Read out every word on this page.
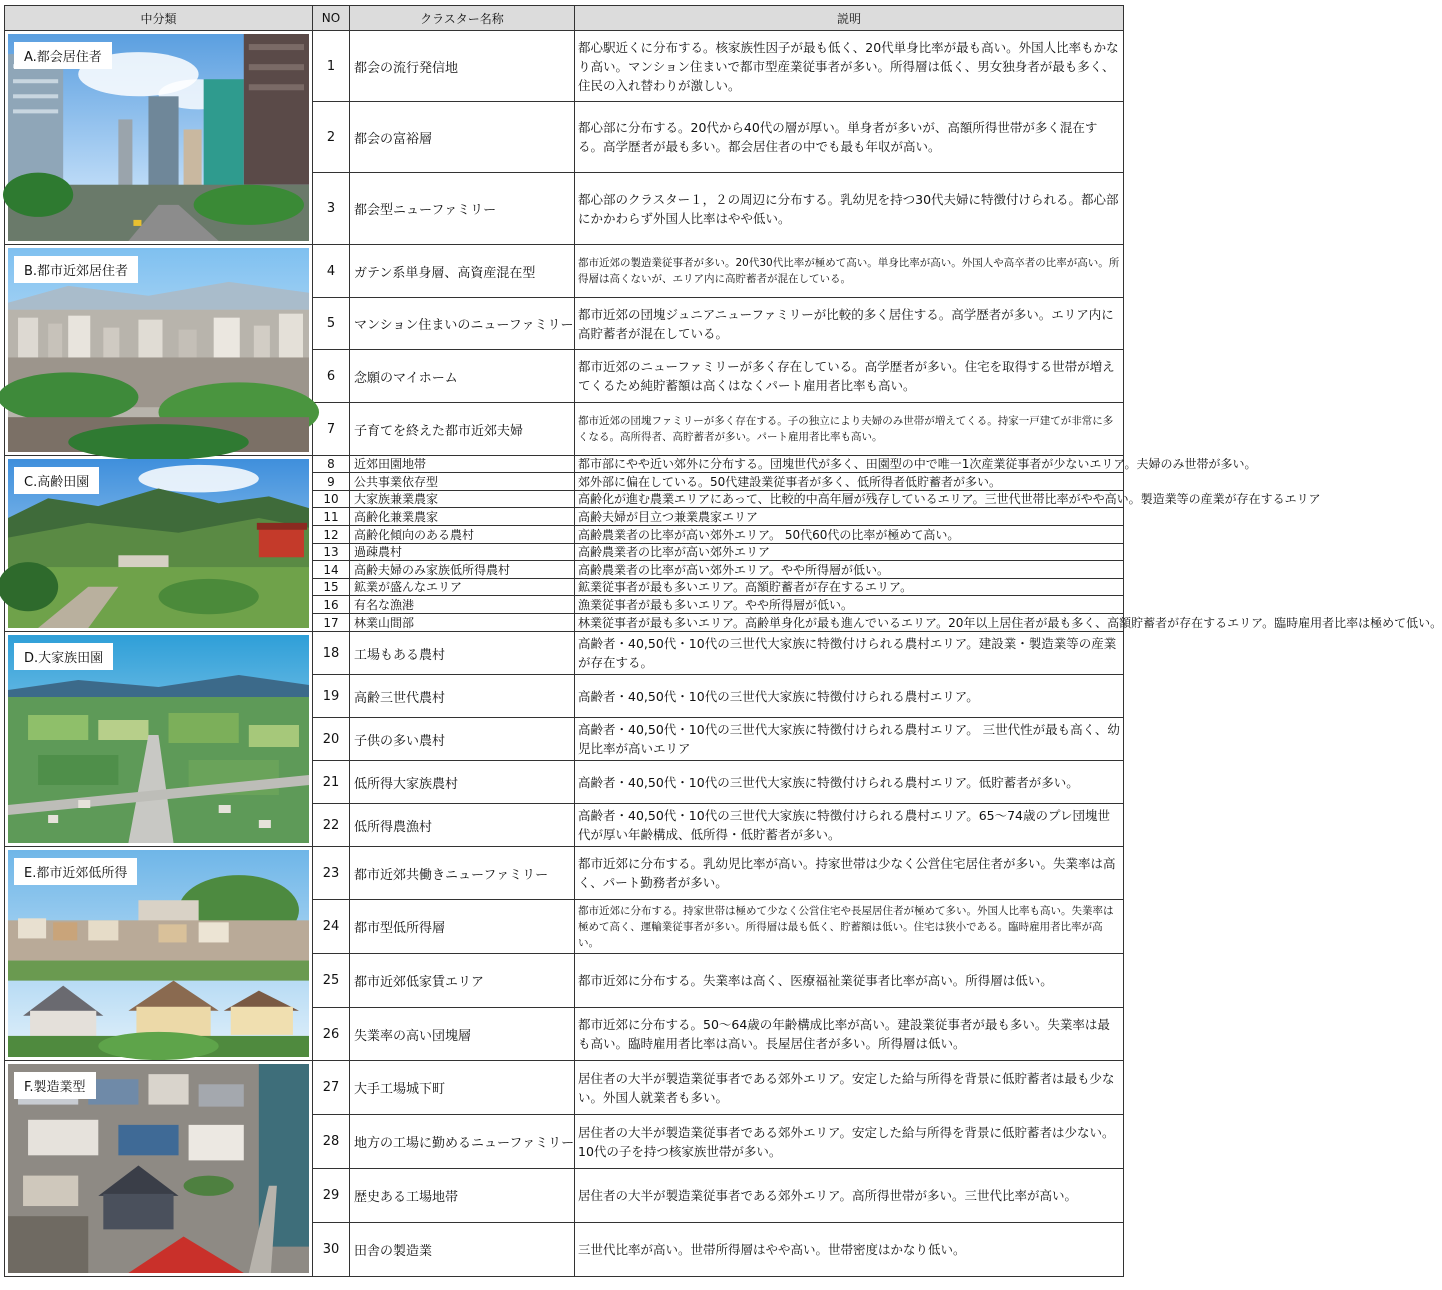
中分類	NO	クラスター名称	説明

A.都会居住者	1	都会の流行発信地	都心駅近くに分布する。核家族性因子が最も低く、20代単身比率が最も高い。外国人比率もかなり高い。マンション住まいで都市型産業従事者が多い。所得層は低く、男女独身者が最も多く、住民の入れ替わりが激しい。
	2	都会の富裕層	都心部に分布する。20代から40代の層が厚い。単身者が多いが、高額所得世帯が多く混在する。高学歴者が最も多い。都会居住者の中でも最も年収が高い。
	3	都会型ニューファミリー	都心部のクラスター１，２の周辺に分布する。乳幼児を持つ30代夫婦に特徴付けられる。都心部にかかわらず外国人比率はやや低い。

B.都市近郊居住者	4	ガテン系単身層、高資産混在型	都市近郊の製造業従事者が多い。20代30代比率が極めて高い。単身比率が高い。外国人や高卒者の比率が高い。所得層は高くないが、エリア内に高貯蓄者が混在している。
	5	マンション住まいのニューファミリー	都市近郊の団塊ジュニアニューファミリーが比較的多く居住する。高学歴者が多い。エリア内に高貯蓄者が混在している。
	6	念願のマイホーム	都市近郊のニューファミリーが多く存在している。高学歴者が多い。住宅を取得する世帯が増えてくるため純貯蓄額は高くはなくパート雇用者比率も高い。
	7	子育てを終えた都市近郊夫婦	都市近郊の団塊ファミリーが多く存在する。子の独立により夫婦のみ世帯が増えてくる。持家一戸建てが非常に多くなる。高所得者、高貯蓄者が多い。パート雇用者比率も高い。

C.高齢田園	8	近郊田園地帯	都市部にやや近い郊外に分布する。団塊世代が多く、田園型の中で唯一1次産業従事者が少ないエリア。夫婦のみ世帯が多い。
	9	公共事業依存型	郊外部に偏在している。50代建設業従事者が多く、低所得者低貯蓄者が多い。
	10	大家族兼業農家	高齢化が進む農業エリアにあって、比較的中高年層が残存しているエリア。三世代世帯比率がやや高い。製造業等の産業が存在するエリア
	11	高齢化兼業農家	高齢夫婦が目立つ兼業農家エリア
	12	高齢化傾向のある農村	高齢農業者の比率が高い郊外エリア。 50代60代の比率が極めて高い。
	13	過疎農村	高齢農業者の比率が高い郊外エリア
	14	高齢夫婦のみ家族低所得農村	高齢農業者の比率が高い郊外エリア。やや所得層が低い。
	15	鉱業が盛んなエリア	鉱業従事者が最も多いエリア。高額貯蓄者が存在するエリア。
	16	有名な漁港	漁業従事者が最も多いエリア。やや所得層が低い。
	17	林業山間部	林業従事者が最も多いエリア。高齢単身化が最も進んでいるエリア。20年以上居住者が最も多く、高額貯蓄者が存在するエリア。臨時雇用者比率は極めて低い。

D.大家族田園	18	工場もある農村	高齢者・40,50代・10代の三世代大家族に特徴付けられる農村エリア。建設業・製造業等の産業が存在する。
	19	高齢三世代農村	高齢者・40,50代・10代の三世代大家族に特徴付けられる農村エリア。
	20	子供の多い農村	高齢者・40,50代・10代の三世代大家族に特徴付けられる農村エリア。 三世代性が最も高く、幼児比率が高いエリア
	21	低所得大家族農村	高齢者・40,50代・10代の三世代大家族に特徴付けられる農村エリア。低貯蓄者が多い。
	22	低所得農漁村	高齢者・40,50代・10代の三世代大家族に特徴付けられる農村エリア。65～74歳のプレ団塊世代が厚い年齢構成、低所得・低貯蓄者が多い。

E.都市近郊低所得	23	都市近郊共働きニューファミリー	都市近郊に分布する。乳幼児比率が高い。持家世帯は少なく公営住宅居住者が多い。失業率は高く、パート勤務者が多い。
	24	都市型低所得層	都市近郊に分布する。持家世帯は極めて少なく公営住宅や長屋居住者が極めて多い。外国人比率も高い。失業率は極めて高く、運輸業従事者が多い。所得層は最も低く、貯蓄額は低い。住宅は狭小である。臨時雇用者比率が高い。
	25	都市近郊低家賃エリア	都市近郊に分布する。失業率は高く、医療福祉業従事者比率が高い。所得層は低い。
	26	失業率の高い団塊層	都市近郊に分布する。50～64歳の年齢構成比率が高い。建設業従事者が最も多い。失業率は最も高い。臨時雇用者比率は高い。長屋居住者が多い。所得層は低い。

F.製造業型	27	大手工場城下町	居住者の大半が製造業従事者である郊外エリア。安定した給与所得を背景に低貯蓄者は最も少ない。外国人就業者も多い。
	28	地方の工場に勤めるニューファミリー	居住者の大半が製造業従事者である郊外エリア。安定した給与所得を背景に低貯蓄者は少ない。10代の子を持つ核家族世帯が多い。
	29	歴史ある工場地帯	居住者の大半が製造業従事者である郊外エリア。高所得世帯が多い。三世代比率が高い。
	30	田舎の製造業	三世代比率が高い。世帯所得層はやや高い。世帯密度はかなり低い。
